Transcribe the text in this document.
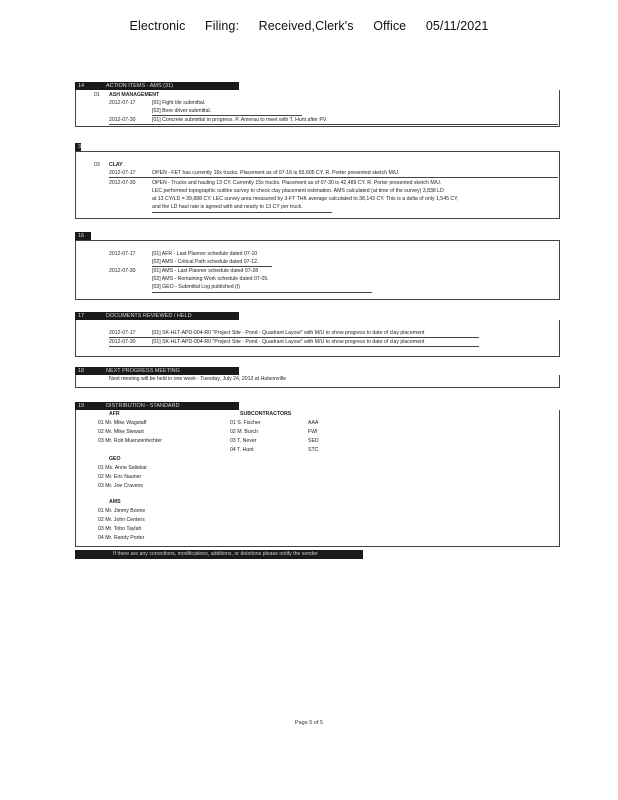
Electronic Filing: Received,Clerk's Office 05/11/2021
14	ACTION ITEMS - AMS (31)
01 ASH MANAGEMENT
2012-07-17	[01] Fight tile submittal.
[02] Bore driver submittal.
2012-07-30	[01] Concrete submittal in progress. P. Amerau to meet with T. Hunt after PV.
3
03 CLAY
2012-07-17	OPEN - FET has currently 16x trucks. Placement as of 07-16 is 55,605 CY. R. Porter presented sketch M/U.
2012-07-30	OPEN - Trucks and hauling 13 CY. Currently 15x trucks. Placement as of 07-30 is 42,489 CY. R. Porter presented sketch M/U.
LEC performed topographic outline survey to check clay placement estimation. AMS calculated (at time of the survey) 3,838 LD
at 13 CY/LD = 39,888 CY. LEC survey area measured by 3-FT THK average calculated to 38,143 CY. This is a delta of only 1,545 CY,
and the LD haul rate is agreed with and nearly to 13 CY per truck.
16
2012-07-17	[01] AFR - Last Planner schedule dated 07-10
[02] AMS - Critical Path schedule dated 07-12.
2012-07-30	[01] AMS - Last Planner schedule dated 07-28
[02] AMS - Remaining Work schedule dated 07-05.
[03] GEO - Submittal Log published (I)
17	DOCUMENTS REVIEWED / HELD
2012-07-17	[01] SK-HLT-APD-004-R0 "Project Site - Pond - Quadrant Layout" with M/U to show progress to date of clay placement
2012-07-30	[01] SK-HLT-APD-004-R0 "Project Site - Pond - Quadrant Layout" with M/U to show progress to date of clay placement
18	NEXT PROGRESS MEETING
Next meeting will be held in one week - Tuesday, July 24, 2012 at Hutsonville
19	DISTRIBUTION - STANDARD
AFR
01 Mr. Mike Wagstaff
02 Mr. Mike Stewart
03 Mr. Rob Muenzenfechter
GEO
01 Ms. Anne Salisbat
02 Mr. Eric Nauner
03 Mr. Joe Cravens
AMS
01 Mr. Jimmy Boone
02 Mr. John Centers
03 Mr. Tobo Taylah
04 Mr. Randy Porter
SUBCONTRACTORS
01 S. Fischer	AAA
02 M. Burch	FWI
03 T. Never	SED
04 T. Hunt	STC
If there are any corrections, modifications, additions, or deletions please notify the sender
Page 5 of 5
